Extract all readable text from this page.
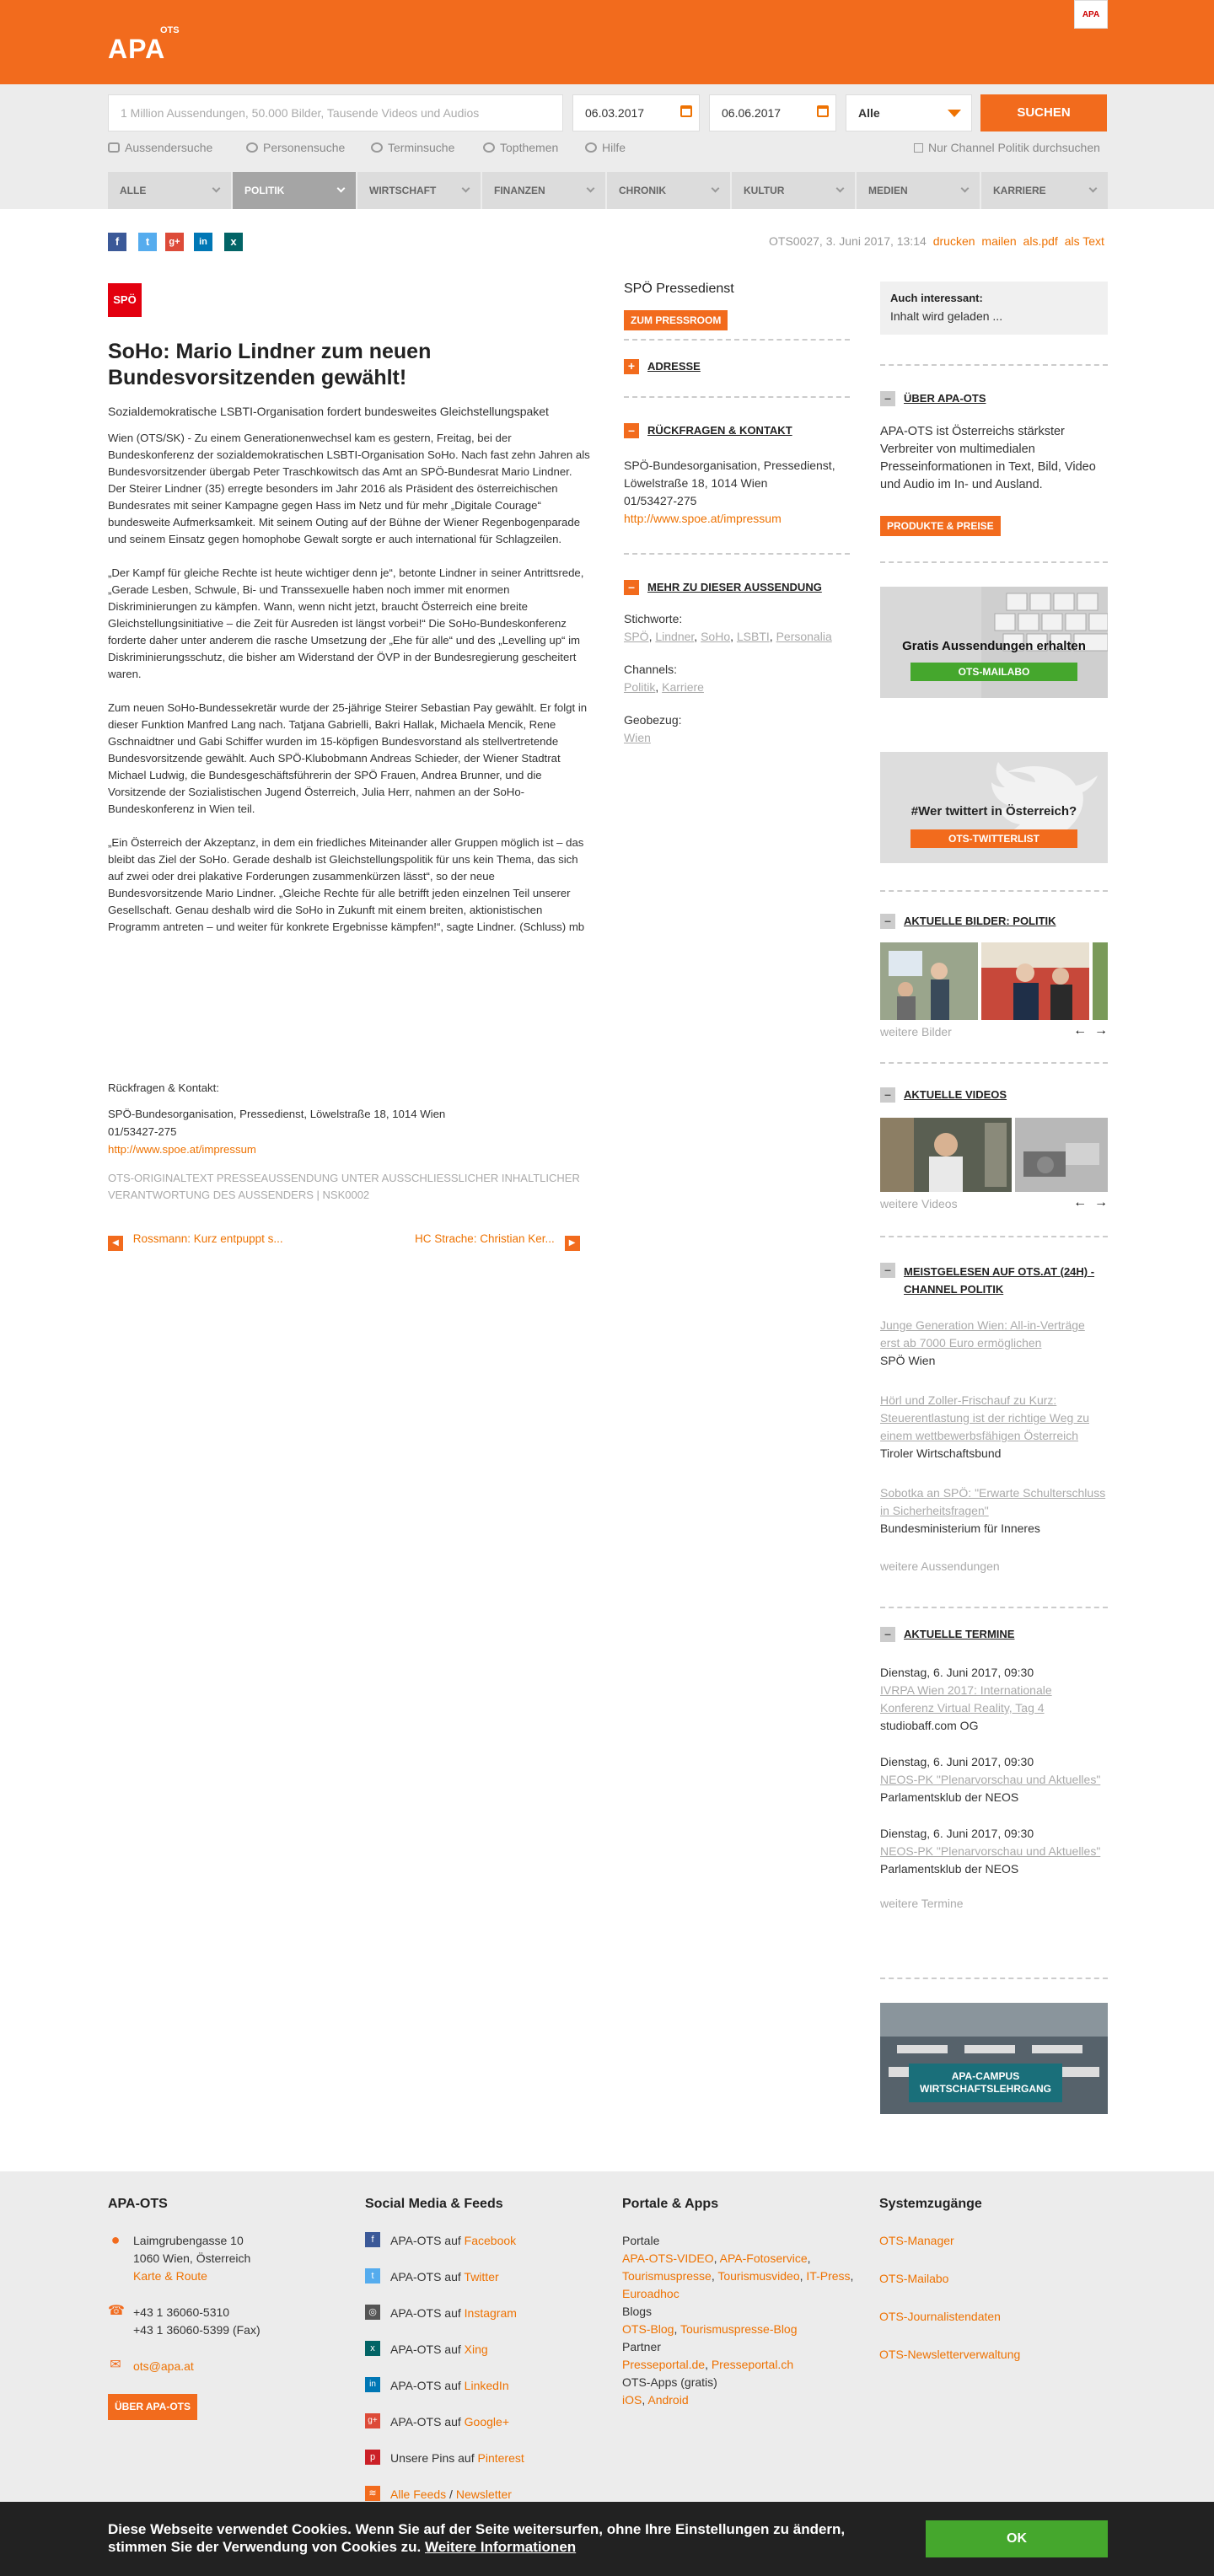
APA
OTS
APA
1 Million Aussendungen, 50.000 Bilder, Tausende Videos und Audios	06.03.2017	06.06.2017	Alle	SUCHEN
Aussendersuche	Personensuche	Terminsuche	Topthemen	Hilfe	Nur Channel Politik durchsuchen
ALLE	POLITIK	WIRTSCHAFT	FINANZEN	CHRONIK	KULTUR	MEDIEN	KARRIERE
f	t	g+	in	x	OTS0027, 3. Juni 2017, 13:14 drucken mailen als.pdf als Text
SPÖ
SoHo: Mario Lindner zum neuen Bundesvorsitzenden gewählt!
Sozialdemokratische LSBTI-Organisation fordert bundesweites Gleichstellungspaket

Wien (OTS/SK) - Zu einem Generationenwechsel kam es gestern, Freitag, bei der Bundeskonferenz der sozialdemokratischen LSBTI-Organisation SoHo. Nach fast zehn Jahren als Bundesvorsitzender übergab Peter Traschkowitsch das Amt an SPÖ-Bundesrat Mario Lindner. Der Steirer Lindner (35) erregte besonders im Jahr 2016 als Präsident des österreichischen Bundesrates mit seiner Kampagne gegen Hass im Netz und für mehr „Digitale Courage“ bundesweite Aufmerksamkeit. Mit seinem Outing auf der Bühne der Wiener Regenbogenparade und seinem Einsatz gegen homophobe Gewalt sorgte er auch international für Schlagzeilen.

„Der Kampf für gleiche Rechte ist heute wichtiger denn je“, betonte Lindner in seiner Antrittsrede, „Gerade Lesben, Schwule, Bi- und Transsexuelle haben noch immer mit enormen Diskriminierungen zu kämpfen. Wann, wenn nicht jetzt, braucht Österreich eine breite Gleichstellungsinitiative – die Zeit für Ausreden ist längst vorbei!“ Die SoHo-Bundeskonferenz forderte daher unter anderem die rasche Umsetzung der „Ehe für alle“ und des „Levelling up“ im Diskriminierungsschutz, die bisher am Widerstand der ÖVP in der Bundesregierung gescheitert waren.

Zum neuen SoHo-Bundessekretär wurde der 25-jährige Steirer Sebastian Pay gewählt. Er folgt in dieser Funktion Manfred Lang nach. Tatjana Gabrielli, Bakri Hallak, Michaela Mencik, Rene Gschnaidtner und Gabi Schiffer wurden im 15-köpfigen Bundesvorstand als stellvertretende Bundesvorsitzende gewählt. Auch SPÖ-Klubobmann Andreas Schieder, der Wiener Stadtrat Michael Ludwig, die Bundesgeschäftsführerin der SPÖ Frauen, Andrea Brunner, und die Vorsitzende der Sozialistischen Jugend Österreich, Julia Herr, nahmen an der SoHo-Bundeskonferenz in Wien teil.

„Ein Österreich der Akzeptanz, in dem ein friedliches Miteinander aller Gruppen möglich ist – das bleibt das Ziel der SoHo. Gerade deshalb ist Gleichstellungspolitik für uns kein Thema, das sich auf zwei oder drei plakative Forderungen zusammenkürzen lässt“, so der neue Bundesvorsitzende Mario Lindner. „Gleiche Rechte für alle betrifft jeden einzelnen Teil unserer Gesellschaft. Genau deshalb wird die SoHo in Zukunft mit einem breiten, aktionistischen Programm antreten – und weiter für konkrete Ergebnisse kämpfen!“, sagte Lindner. (Schluss) mb

Rückfragen & Kontakt:

SPÖ-Bundesorganisation, Pressedienst, Löwelstraße 18, 1014 Wien
01/53427-275
http://www.spoe.at/impressum
OTS-ORIGINALTEXT PRESSEAUSSENDUNG UNTER AUSSCHLIESSLICHER INHALTLICHER VERANTWORTUNG DES AUSSENDERS | NSK0002
◀ Rossmann: Kurz entpuppt s...	HC Strache: Christian Ker... ▶
SPÖ Pressedienst
ZUM PRESSROOM
+ ADRESSE
– RÜCKFRAGEN & KONTAKT
SPÖ-Bundesorganisation, Pressedienst,
Löwelstraße 18, 1014 Wien
01/53427-275
http://www.spoe.at/impressum
– MEHR ZU DIESER AUSSENDUNG
Stichworte:
SPÖ, Lindner, SoHo, LSBTI, Personalia
Channels:
Politik, Karriere
Geobezug:
Wien
Auch interessant:
Inhalt wird geladen ...
– ÜBER APA-OTS
APA-OTS ist Österreichs stärkster Verbreiter von multimedialen Presseinformationen in Text, Bild, Video und Audio im In- und Ausland.
PRODUKTE & PREISE
Gratis Aussendungen erhalten
OTS-MAILABO
#Wer twittert in Österreich?
OTS-TWITTERLIST
– AKTUELLE BILDER: POLITIK
weitere Bilder	←  →
– AKTUELLE VIDEOS
weitere Videos	←  →
–	MEISTGELESEN AUF OTS.AT (24H) - CHANNEL POLITIK
Junge Generation Wien: All-in-Verträge erst ab 7000 Euro ermöglichen
SPÖ Wien
Hörl und Zoller-Frischauf zu Kurz: Steuerentlastung ist der richtige Weg zu einem wettbewerbsfähigen Österreich
Tiroler Wirtschaftsbund
Sobotka an SPÖ: "Erwarte Schulterschluss in Sicherheitsfragen"
Bundesministerium für Inneres
weitere Aussendungen
– AKTUELLE TERMINE
Dienstag, 6. Juni 2017, 09:30
IVRPA Wien 2017: Internationale Konferenz Virtual Reality, Tag 4
studiobaff.com OG
Dienstag, 6. Juni 2017, 09:30
NEOS-PK "Plenarvorschau und Aktuelles"
Parlamentsklub der NEOS
Dienstag, 6. Juni 2017, 09:30
NEOS-PK "Plenarvorschau und Aktuelles"
Parlamentsklub der NEOS
weitere Termine
APA-CAMPUS WIRTSCHAFTSLEHRGANG
APA-OTS
● Laimgrubengasse 10
1060 Wien, Österreich
Karte & Route
☎ +43 1 36060-5310
+43 1 36060-5399 (Fax)
✉ ots@apa.at
ÜBER APA-OTS
Social Media & Feeds
f	APA-OTS auf Facebook
t	APA-OTS auf Twitter
◎	APA-OTS auf Instagram
x	APA-OTS auf Xing
in	APA-OTS auf LinkedIn
g+ APA-OTS auf Google+
p	Unsere Pins auf Pinterest
≋	Alle Feeds / Newsletter
Portale & Apps
Portale
APA-OTS-VIDEO, APA-Fotoservice, Tourismuspresse, Tourismusvideo, IT-Press, Euroadhoc
Blogs
OTS-Blog, Tourismuspresse-Blog
Partner
Presseportal.de, Presseportal.ch
OTS-Apps (gratis)
iOS, Android
Systemzugänge
OTS-Manager
OTS-Mailabo
OTS-Journalistendaten
OTS-Newsletterverwaltung
Diese Webseite verwendet Cookies. Wenn Sie auf der Seite weitersurfen, ohne Ihre Einstellungen zu ändern, stimmen Sie der Verwendung von Cookies zu. Weitere Informationen
OK
